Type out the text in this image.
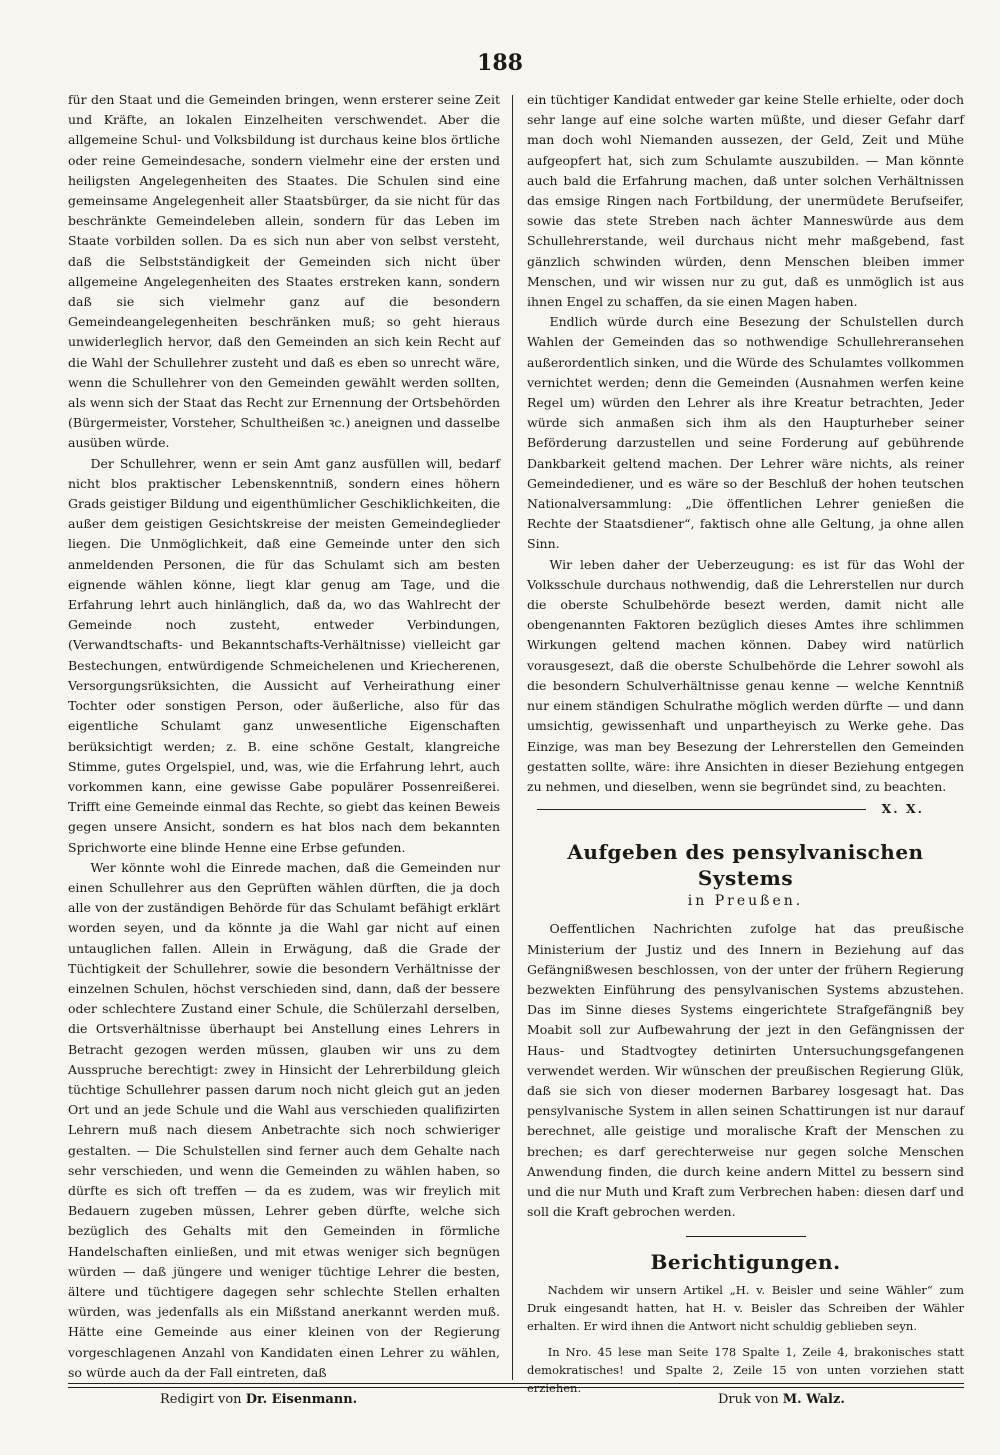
188

für den Staat und die Gemeinden bringen, wenn ersterer seine Zeit und Kräfte, an lokalen Einzelheiten verschwendet. Aber die allgemeine Schul- und Volksbildung ist durchaus keine blos örtliche oder reine Gemeindesache, sondern vielmehr eine der ersten und heiligsten Angelegenheiten des Staates. Die Schulen sind eine gemeinsame Angelegenheit aller Staatsbürger, da sie nicht für das beschränkte Gemeindeleben allein, sondern für das Leben im Staate vorbilden sollen. Da es sich nun aber von selbst versteht, daß die Selbstständigkeit der Gemeinden sich nicht über allgemeine Angelegenheiten des Staates erstreken kann, sondern daß sie sich vielmehr ganz auf die besondern Gemeindeangelegenheiten beschränken muß; so geht hieraus unwiderleglich hervor, daß den Gemeinden an sich kein Recht auf die Wahl der Schullehrer zusteht und daß es eben so unrecht wäre, wenn die Schullehrer von den Gemeinden gewählt werden sollten, als wenn sich der Staat das Recht zur Ernennung der Ortsbehörden (Bürgermeister, Vorsteher, Schultheißen ꝛc.) aneignen und dasselbe ausüben würde.

Der Schullehrer, wenn er sein Amt ganz ausfüllen will, bedarf nicht blos praktischer Lebenskenntniß, sondern eines höhern Grads geistiger Bildung und eigenthümlicher Geschiklichkeiten, die außer dem geistigen Gesichtskreise der meisten Gemeindeglieder liegen. Die Unmöglichkeit, daß eine Gemeinde unter den sich anmeldenden Personen, die für das Schulamt sich am besten eignende wählen könne, liegt klar genug am Tage, und die Erfahrung lehrt auch hinlänglich, daß da, wo das Wahlrecht der Gemeinde noch zusteht, entweder Verbindungen, (Verwandtschafts- und Bekanntschafts-Verhältnisse) vielleicht gar Bestechungen, entwürdigende Schmeichelenen und Kriecherenen, Versorgungsrüksichten, die Aussicht auf Verheirathung einer Tochter oder sonstigen Person, oder äußerliche, also für das eigentliche Schulamt ganz unwesentliche Eigenschaften berüksichtigt werden; z. B. eine schöne Gestalt, klangreiche Stimme, gutes Orgelspiel, und, was, wie die Erfahrung lehrt, auch vorkommen kann, eine gewisse Gabe populärer Possenreißerei. Trifft eine Gemeinde einmal das Rechte, so giebt das keinen Beweis gegen unsere Ansicht, sondern es hat blos nach dem bekannten Sprichworte eine blinde Henne eine Erbse gefunden.

Wer könnte wohl die Einrede machen, daß die Gemeinden nur einen Schullehrer aus den Geprüften wählen dürften, die ja doch alle von der zuständigen Behörde für das Schulamt befähigt erklärt worden seyen, und da könnte ja die Wahl gar nicht auf einen untauglichen fallen. Allein in Erwägung, daß die Grade der Tüchtigkeit der Schullehrer, sowie die besondern Verhältnisse der einzelnen Schulen, höchst verschieden sind, dann, daß der bessere oder schlechtere Zustand einer Schule, die Schülerzahl derselben, die Ortsverhältnisse überhaupt bei Anstellung eines Lehrers in Betracht gezogen werden müssen, glauben wir uns zu dem Ausspruche berechtigt: zwey in Hinsicht der Lehrerbildung gleich tüchtige Schullehrer passen darum noch nicht gleich gut an jeden Ort und an jede Schule und die Wahl aus verschieden qualifizirten Lehrern muß nach diesem Anbetrachte sich noch schwieriger gestalten. — Die Schulstellen sind ferner auch dem Gehalte nach sehr verschieden, und wenn die Gemeinden zu wählen haben, so dürfte es sich oft treffen — da es zudem, was wir freylich mit Bedauern zugeben müssen, Lehrer geben dürfte, welche sich bezüglich des Gehalts mit den Gemeinden in förmliche Handelschaften einließen, und mit etwas weniger sich begnügen würden — daß jüngere und weniger tüchtige Lehrer die besten, ältere und tüchtigere dagegen sehr schlechte Stellen erhalten würden, was jedenfalls als ein Mißstand anerkannt werden muß. Hätte eine Gemeinde aus einer kleinen von der Regierung vorgeschlagenen Anzahl von Kandidaten einen Lehrer zu wählen, so würde auch da der Fall eintreten, daß

ein tüchtiger Kandidat entweder gar keine Stelle erhielte, oder doch sehr lange auf eine solche warten müßte, und dieser Gefahr darf man doch wohl Niemanden aussezen, der Geld, Zeit und Mühe aufgeopfert hat, sich zum Schulamte auszubilden. — Man könnte auch bald die Erfahrung machen, daß unter solchen Verhältnissen das emsige Ringen nach Fortbildung, der unermüdete Berufseifer, sowie das stete Streben nach ächter Manneswürde aus dem Schullehrerstande, weil durchaus nicht mehr maßgebend, fast gänzlich schwinden würden, denn Menschen bleiben immer Menschen, und wir wissen nur zu gut, daß es unmöglich ist aus ihnen Engel zu schaffen, da sie einen Magen haben.

Endlich würde durch eine Besezung der Schulstellen durch Wahlen der Gemeinden das so nothwendige Schullehreransehen außerordentlich sinken, und die Würde des Schulamtes vollkommen vernichtet werden; denn die Gemeinden (Ausnahmen werfen keine Regel um) würden den Lehrer als ihre Kreatur betrachten, Jeder würde sich anmaßen sich ihm als den Haupturheber seiner Beförderung darzustellen und seine Forderung auf gebührende Dankbarkeit geltend machen. Der Lehrer wäre nichts, als reiner Gemeindediener, und es wäre so der Beschluß der hohen teutschen Nationalversammlung: „Die öffentlichen Lehrer genießen die Rechte der Staatsdiener“, faktisch ohne alle Geltung, ja ohne allen Sinn.

Wir leben daher der Ueberzeugung: es ist für das Wohl der Volksschule durchaus nothwendig, daß die Lehrerstellen nur durch die oberste Schulbehörde besezt werden, damit nicht alle obengenannten Faktoren bezüglich dieses Amtes ihre schlimmen Wirkungen geltend machen können. Dabey wird natürlich vorausgesezt, daß die oberste Schulbehörde die Lehrer sowohl als die besondern Schulverhältnisse genau kenne — welche Kenntniß nur einem ständigen Schulrathe möglich werden dürfte — und dann umsichtig, gewissenhaft und unpartheyisch zu Werke gehe. Das Einzige, was man bey Besezung der Lehrerstellen den Gemeinden gestatten sollte, wäre: ihre Ansichten in dieser Beziehung entgegen zu nehmen, und dieselben, wenn sie begründet sind, zu beachten.

X. X.
Aufgeben des pensylvanischen Systems
in Preußen.

Oeffentlichen Nachrichten zufolge hat das preußische Ministerium der Justiz und des Innern in Beziehung auf das Gefängnißwesen beschlossen, von der unter der frühern Regierung bezwekten Einführung des pensylvanischen Systems abzustehen. Das im Sinne dieses Systems eingerichtete Strafgefängniß bey Moabit soll zur Aufbewahrung der jezt in den Gefängnissen der Haus- und Stadtvogtey detinirten Untersuchungsgefangenen verwendet werden. Wir wünschen der preußischen Regierung Glük, daß sie sich von dieser modernen Barbarey losgesagt hat. Das pensylvanische System in allen seinen Schattirungen ist nur darauf berechnet, alle geistige und moralische Kraft der Menschen zu brechen; es darf gerechterweise nur gegen solche Menschen Anwendung finden, die durch keine andern Mittel zu bessern sind und die nur Muth und Kraft zum Verbrechen haben: diesen darf und soll die Kraft gebrochen werden.

Berichtigungen.

Nachdem wir unsern Artikel „H. v. Beisler und seine Wähler“ zum Druk eingesandt hatten, hat H. v. Beisler das Schreiben der Wähler erhalten. Er wird ihnen die Antwort nicht schuldig geblieben seyn.

In Nro. 45 lese man Seite 178 Spalte 1, Zeile 4, brakonisches statt demokratisches! und Spalte 2, Zeile 15 von unten vorziehen statt erziehen.

Redigirt von Dr. Eisenmann.	Druk von M. Walz.
